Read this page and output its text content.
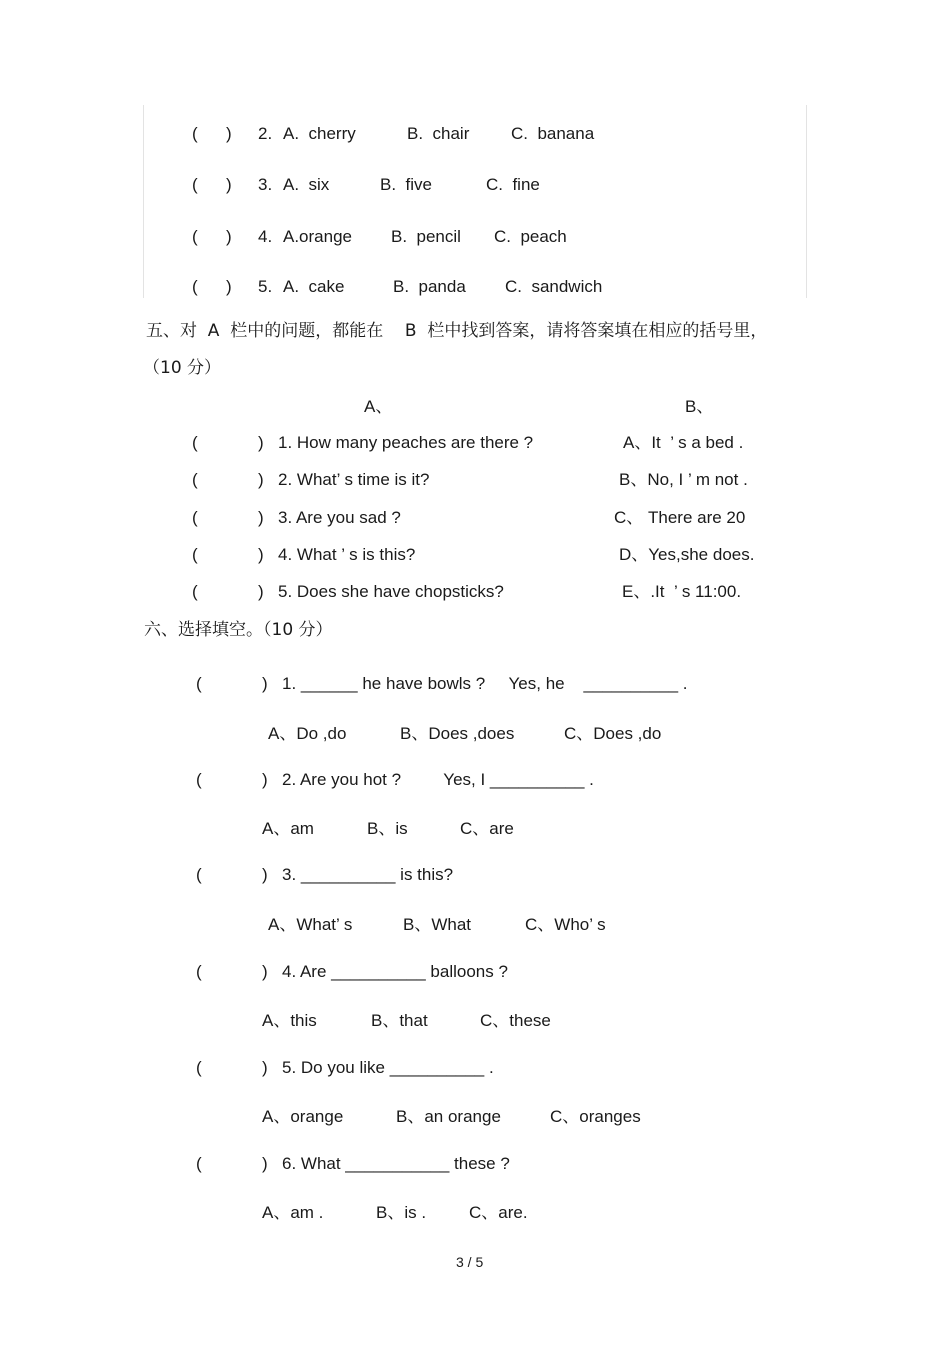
(      ) 2. A.  cherry	B.  chair C.  banana
(      ) 3. A.  six	B.  five	C.  fine
(      ) 4. A.orange B.  pencil C.  peach
(      ) 5. A.  cake	B.  panda C.  sandwich
五、对  A  栏中的问题，都能在    B  栏中找到答案，请将答案填在相应的括号里，
（10 分）
A、	B、
(	) 1. How many peaches are there ?	A、It  ’ s a bed .
(	) 2. What’ s time is it?	B、No, I ’ m not .
(	) 3. Are you sad ?	C、 There are 20
(	) 4. What ’ s is this?	D、Yes,she does.
(	) 5. Does she have chopsticks?	E、.It  ’ s 11:00.
六、选择填空。（10 分）
(	) 1. ______ he have bowls ?     Yes, he    __________ .
A、Do ,do	B、Does ,does	C、Does ,do
(	) 2. Are you hot ?         Yes, I __________ .
A、am	B、is	C、are
(	) 3. __________ is this?
A、What’ s	B、What	C、Who’ s
(	) 4. Are __________ balloons ?
A、this	B、that	C、these
(	) 5. Do you like __________ .
A、orange	B、an orange	C、oranges
(	) 6. What ___________ these ?
A、am .	B、is .	C、are.
3 / 5
